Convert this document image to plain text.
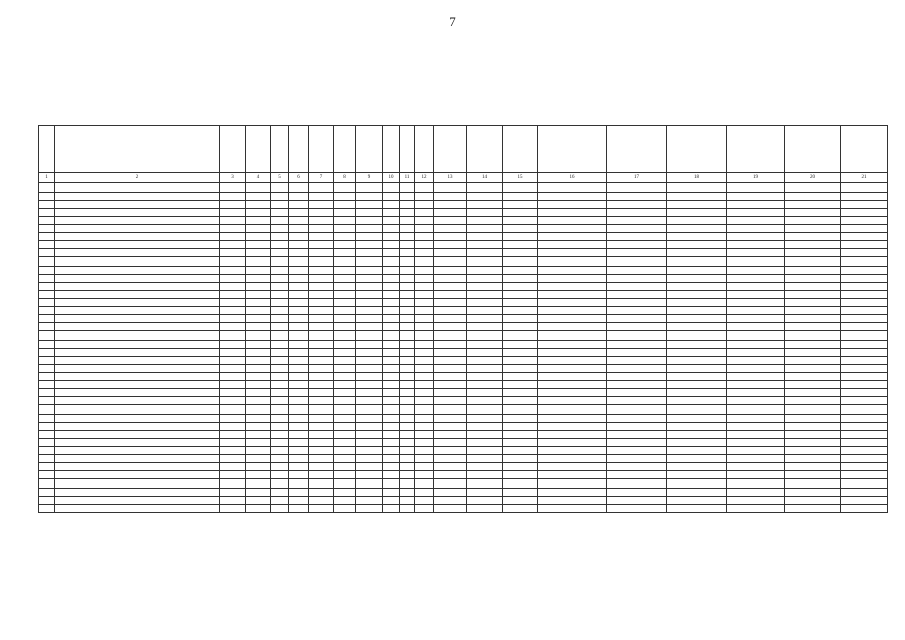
7

1	2	3	4	5	6	7	8	9	10	11	12	13	14	15	16	17	18	19	20	21
